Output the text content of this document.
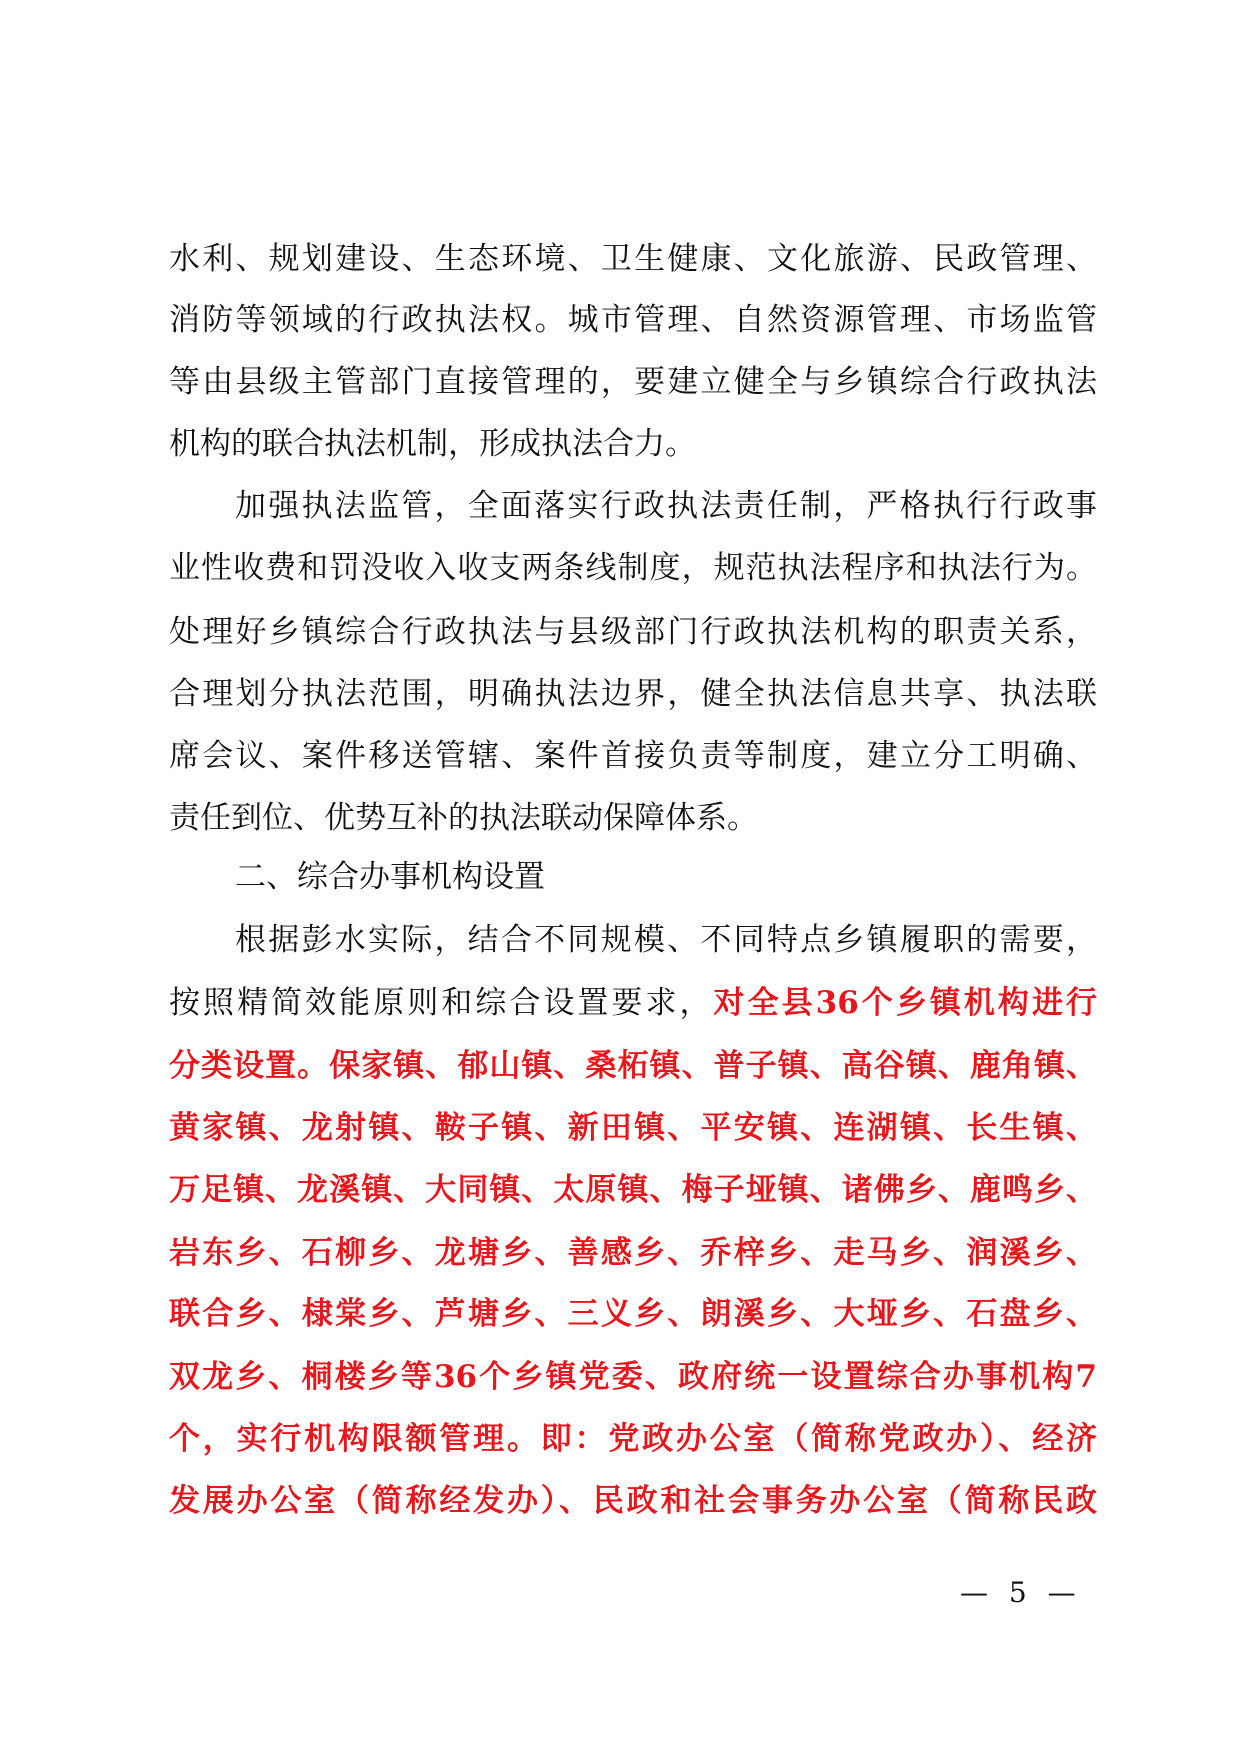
水利、规划建设、生态环境、卫生健康、文化旅游、民政管理、
消防等领域的行政执法权。城市管理、自然资源管理、市场监管
等由县级主管部门直接管理的，要建立健全与乡镇综合行政执法
机构的联合执法机制，形成执法合力。
加强执法监管，全面落实行政执法责任制，严格执行行政事
业性收费和罚没收入收支两条线制度，规范执法程序和执法行为。
处理好乡镇综合行政执法与县级部门行政执法机构的职责关系，
合理划分执法范围，明确执法边界，健全执法信息共享、执法联
席会议、案件移送管辖、案件首接负责等制度，建立分工明确、
责任到位、优势互补的执法联动保障体系。
二、综合办事机构设置
根据彭水实际，结合不同规模、不同特点乡镇履职的需要，
按照精简效能原则和综合设置要求，对全县36个乡镇机构进行
分类设置。保家镇、郁山镇、桑柘镇、普子镇、高谷镇、鹿角镇、
黄家镇、龙射镇、鞍子镇、新田镇、平安镇、连湖镇、长生镇、
万足镇、龙溪镇、大同镇、太原镇、梅子垭镇、诸佛乡、鹿鸣乡、
岩东乡、石柳乡、龙塘乡、善感乡、乔梓乡、走马乡、润溪乡、
联合乡、棣棠乡、芦塘乡、三义乡、朗溪乡、大垭乡、石盘乡、
双龙乡、桐楼乡等36个乡镇党委、政府统一设置综合办事机构7
个，实行机构限额管理。即：党政办公室（简称党政办）、经济
发展办公室（简称经发办）、民政和社会事务办公室（简称民政
— 5 —
